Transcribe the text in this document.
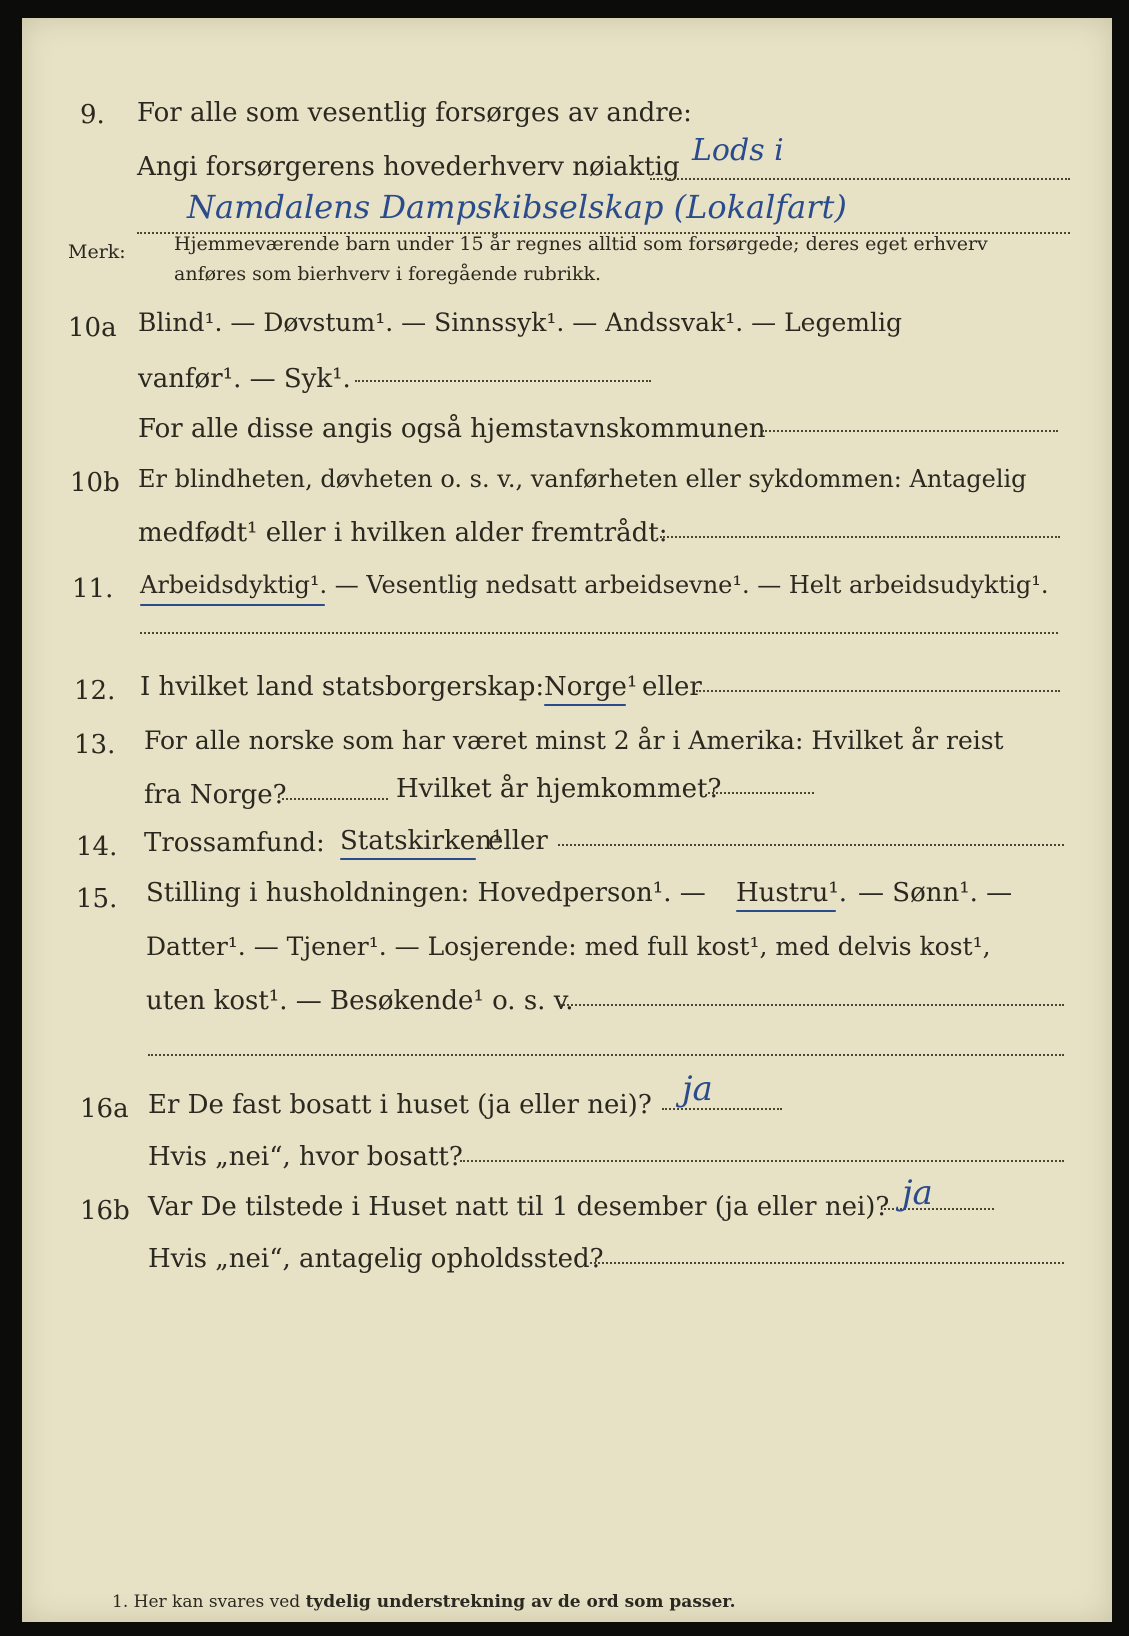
9. For alle som vesentlig forsørges av andre:
Angi forsørgerens hovederhverv nøiaktig Lods i
Namdalens Dampskibselskap (Lokalfart)
Merk:	Hjemmeværende barn under 15 år regnes alltid som forsørgede; deres eget erhverv
anføres som bierhverv i foregående rubrikk.
10a Blind¹. — Døvstum¹. — Sinnssyk¹. — Andssvak¹. — Legemlig
vanfør¹. — Syk¹.
For alle disse angis også hjemstavnskommunen
10b Er blindheten, døvheten o. s. v., vanførheten eller sykdommen: Antagelig
medfødt¹ eller i hvilken alder fremtrådt:
11. Arbeidsdyktig¹. — Vesentlig nedsatt arbeidsevne¹. — Helt arbeidsudyktig¹.
12. I hvilket land statsborgerskap: Norge¹ eller
13. For alle norske som har været minst 2 år i Amerika: Hvilket år reist
fra Norge?	Hvilket år hjemkommet?
14. Trossamfund: Statskirken¹
eller
15. Stilling i husholdningen: Hovedperson¹. — Hustru¹. — Sønn¹. —
Datter¹. — Tjener¹. — Losjerende: med full kost¹, med delvis kost¹,
uten kost¹. — Besøkende¹ o. s. v.
16a Er De fast bosatt i huset (ja eller nei)? ja
Hvis „nei“, hvor bosatt?
16b Var De tilstede i Huset natt til 1 desember (ja eller nei)? ja
Hvis „nei“, antagelig opholdssted?
1. Her kan svares ved tydelig understrekning av de ord som passer.
